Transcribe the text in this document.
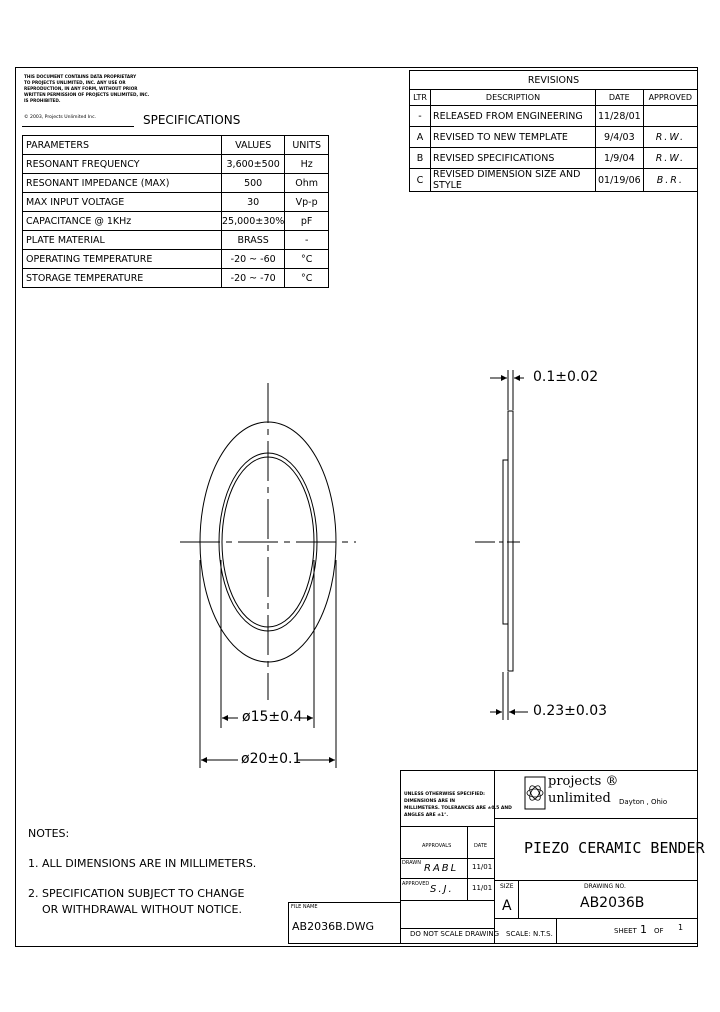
THIS DOCUMENT CONTAINS DATA PROPRIETARY
TO PROJECTS UNLIMITED, INC. ANY USE OR
REPRODUCTION, IN ANY FORM, WITHOUT PRIOR
WRITTEN PERMISSION OF PROJECTS UNLIMITED, INC.
IS PROHIBITED.
© 2003, Projects Unlimited Inc.	SPECIFICATIONS
PARAMETERS	VALUES	UNITS
RESONANT FREQUENCY	3,600±500	Hz
RESONANT IMPEDANCE (MAX)	500	Ohm
MAX INPUT VOLTAGE	30	Vp-p
CAPACITANCE @ 1KHz	25,000±30%	pF
PLATE MATERIAL	BRASS	-
OPERATING TEMPERATURE	-20 ~ -60	°C
STORAGE TEMPERATURE	-20 ~ -70	°C
REVISIONS			
LTR	DESCRIPTION	DATE	APPROVED
-	RELEASED FROM ENGINEERING	11/28/01	
A	REVISED TO NEW TEMPLATE	9/4/03	R.W.
B	REVISED SPECIFICATIONS	1/9/04	R.W.
C	REVISED DIMENSION SIZE AND STYLE	01/19/06	B.R.
0.1±0.02
0.23±0.03
ø15±0.4
ø20±0.1
NOTES:
1. ALL DIMENSIONS ARE IN MILLIMETERS.
2. SPECIFICATION SUBJECT TO CHANGE
OR WITHDRAWAL WITHOUT NOTICE.	FILE NAME
AB2036B.DWG
UNLESS OTHERWISE SPECIFIED:
DIMENSIONS ARE IN
MILLIMETERS. TOLERANCES ARE ±0.5 AND
ANGLES ARE ±1°.
APPROVALS	DATE
DRAWN RABL 11/01
APPROVED S.J.	11/01
projects ®
unlimited Dayton , Ohio
PIEZO CERAMIC BENDER
SIZE
A
DRAWING NO.
AB2036B
DO NOT SCALE DRAWING SCALE: N.T.S.	SHEET 1 OF 1
